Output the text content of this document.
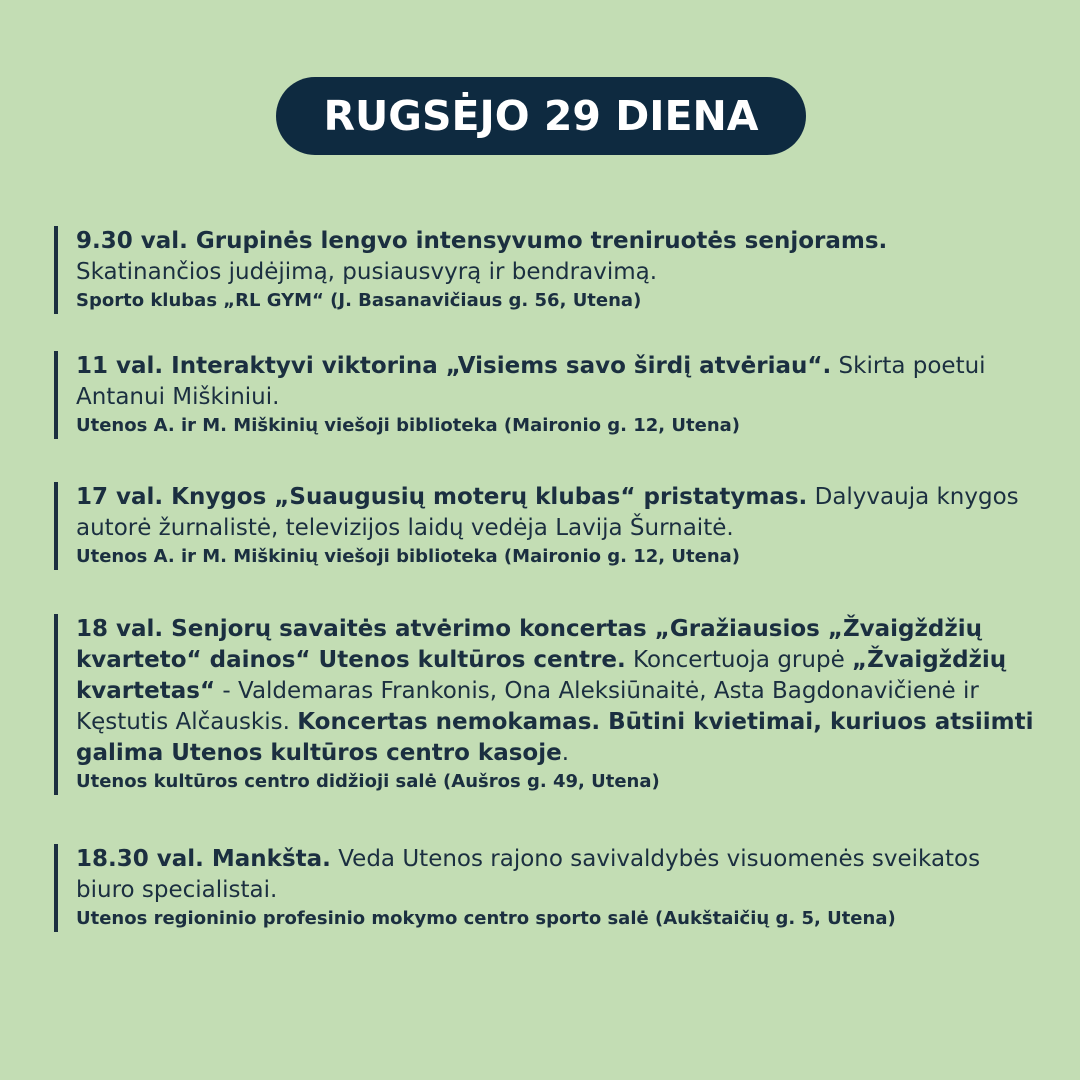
RUGSĖJO 29 DIENA

9.30 val. Grupinės lengvo intensyvumo treniruotės senjorams. Skatinančios judėjimą, pusiausvyrą ir bendravimą.

Sporto klubas „RL GYM“ (J. Basanavičiaus g. 56, Utena)

11 val. Interaktyvi viktorina „Visiems savo širdį atvėriau“. Skirta poetui Antanui Miškiniui.

Utenos A. ir M. Miškinių viešoji biblioteka (Maironio g. 12, Utena)

17 val. Knygos „Suaugusių moterų klubas“ pristatymas. Dalyvauja knygos autorė žurnalistė, televizijos laidų vedėja Lavija Šurnaitė.

Utenos A. ir M. Miškinių viešoji biblioteka (Maironio g. 12, Utena)

18 val. Senjorų savaitės atvėrimo koncertas „Gražiausios „Žvaigždžių kvarteto“ dainos“ Utenos kultūros centre. Koncertuoja grupė „Žvaigždžių kvartetas“ - Valdemaras Frankonis, Ona Aleksiūnaitė, Asta Bagdonavičienė ir Kęstutis Alčauskis. Koncertas nemokamas. Būtini kvietimai, kuriuos atsiimti galima Utenos kultūros centro kasoje.

Utenos kultūros centro didžioji salė (Aušros g. 49, Utena)

18.30 val. Mankšta. Veda Utenos rajono savivaldybės visuomenės sveikatos biuro specialistai.

Utenos regioninio profesinio mokymo centro sporto salė (Aukštaičių g. 5, Utena)
